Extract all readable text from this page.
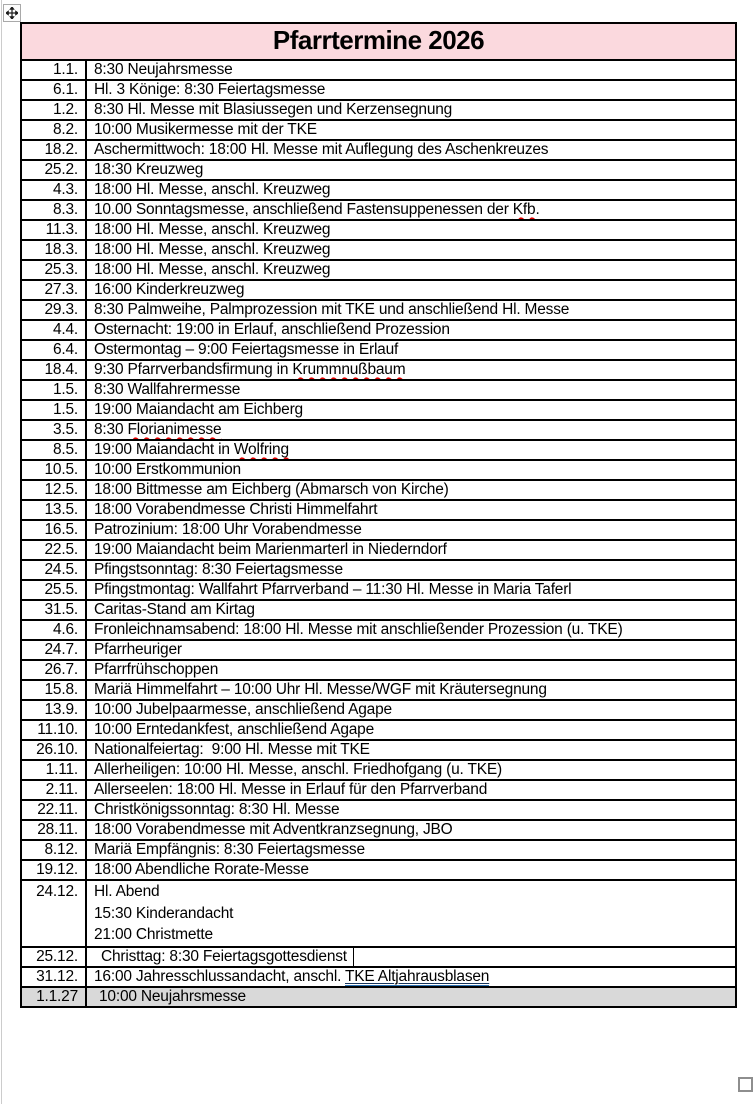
Pfarrtermine 2026	
1.1.	8:30 Neujahrsmesse
6.1.	Hl. 3 Könige: 8:30 Feiertagsmesse
1.2.	8:30 Hl. Messe mit Blasiussegen und Kerzensegnung
8.2.	10:00 Musikermesse mit der TKE
18.2.	Aschermittwoch: 18:00 Hl. Messe mit Auflegung des Aschenkreuzes
25.2.	18:30 Kreuzweg
4.3.	18:00 Hl. Messe, anschl. Kreuzweg
8.3.	10.00 Sonntagsmesse, anschließend Fastensuppenessen der Kfb.
11.3.	18:00 Hl. Messe, anschl. Kreuzweg
18.3.	18:00 Hl. Messe, anschl. Kreuzweg
25.3.	18:00 Hl. Messe, anschl. Kreuzweg
27.3.	16:00 Kinderkreuzweg
29.3.	8:30 Palmweihe, Palmprozession mit TKE und anschließend Hl. Messe
4.4.	Osternacht: 19:00 in Erlauf, anschließend Prozession
6.4.	Ostermontag – 9:00 Feiertagsmesse in Erlauf
18.4.	9:30 Pfarrverbandsfirmung in Krummnußbaum
1.5.	8:30 Wallfahrermesse
1.5.	19:00 Maiandacht am Eichberg
3.5.	8:30 Florianimesse
8.5.	19:00 Maiandacht in Wolfring
10.5.	10:00 Erstkommunion
12.5.	18:00 Bittmesse am Eichberg (Abmarsch von Kirche)
13.5.	18:00 Vorabendmesse Christi Himmelfahrt
16.5.	Patrozinium: 18:00 Uhr Vorabendmesse
22.5.	19:00 Maiandacht beim Marienmarterl in Niederndorf
24.5.	Pfingstsonntag: 8:30 Feiertagsmesse
25.5.	Pfingstmontag: Wallfahrt Pfarrverband – 11:30 Hl. Messe in Maria Taferl
31.5.	Caritas-Stand am Kirtag
4.6.	Fronleichnamsabend: 18:00 Hl. Messe mit anschließender Prozession (u. TKE)
24.7.	Pfarrheuriger
26.7.	Pfarrfrühschoppen
15.8.	Mariä Himmelfahrt – 10:00 Uhr Hl. Messe/WGF mit Kräutersegnung
13.9.	10:00 Jubelpaarmesse, anschließend Agape
11.10.	10:00 Erntedankfest, anschließend Agape
26.10.	Nationalfeiertag:  9:00 Hl. Messe mit TKE
1.11.	Allerheiligen: 10:00 Hl. Messe, anschl. Friedhofgang (u. TKE)
2.11.	Allerseelen: 18:00 Hl. Messe in Erlauf für den Pfarrverband
22.11.	Christkönigssonntag: 8:30 Hl. Messe
28.11.	18:00 Vorabendmesse mit Adventkranzsegnung, JBO
8.12.	Mariä Empfängnis: 8:30 Feiertagsmesse
19.12.	18:00 Abendliche Rorate-Messe
24.12.	Hl. Abend
15:30 Kinderandacht
21:00 Christmette

25.12.	Christtag: 8:30 Feiertagsgottesdienst

31.12.	16:00 Jahresschlussandacht, anschl. TKE Altjahrausblasen
1.1.27	10:00 Neujahrsmesse
